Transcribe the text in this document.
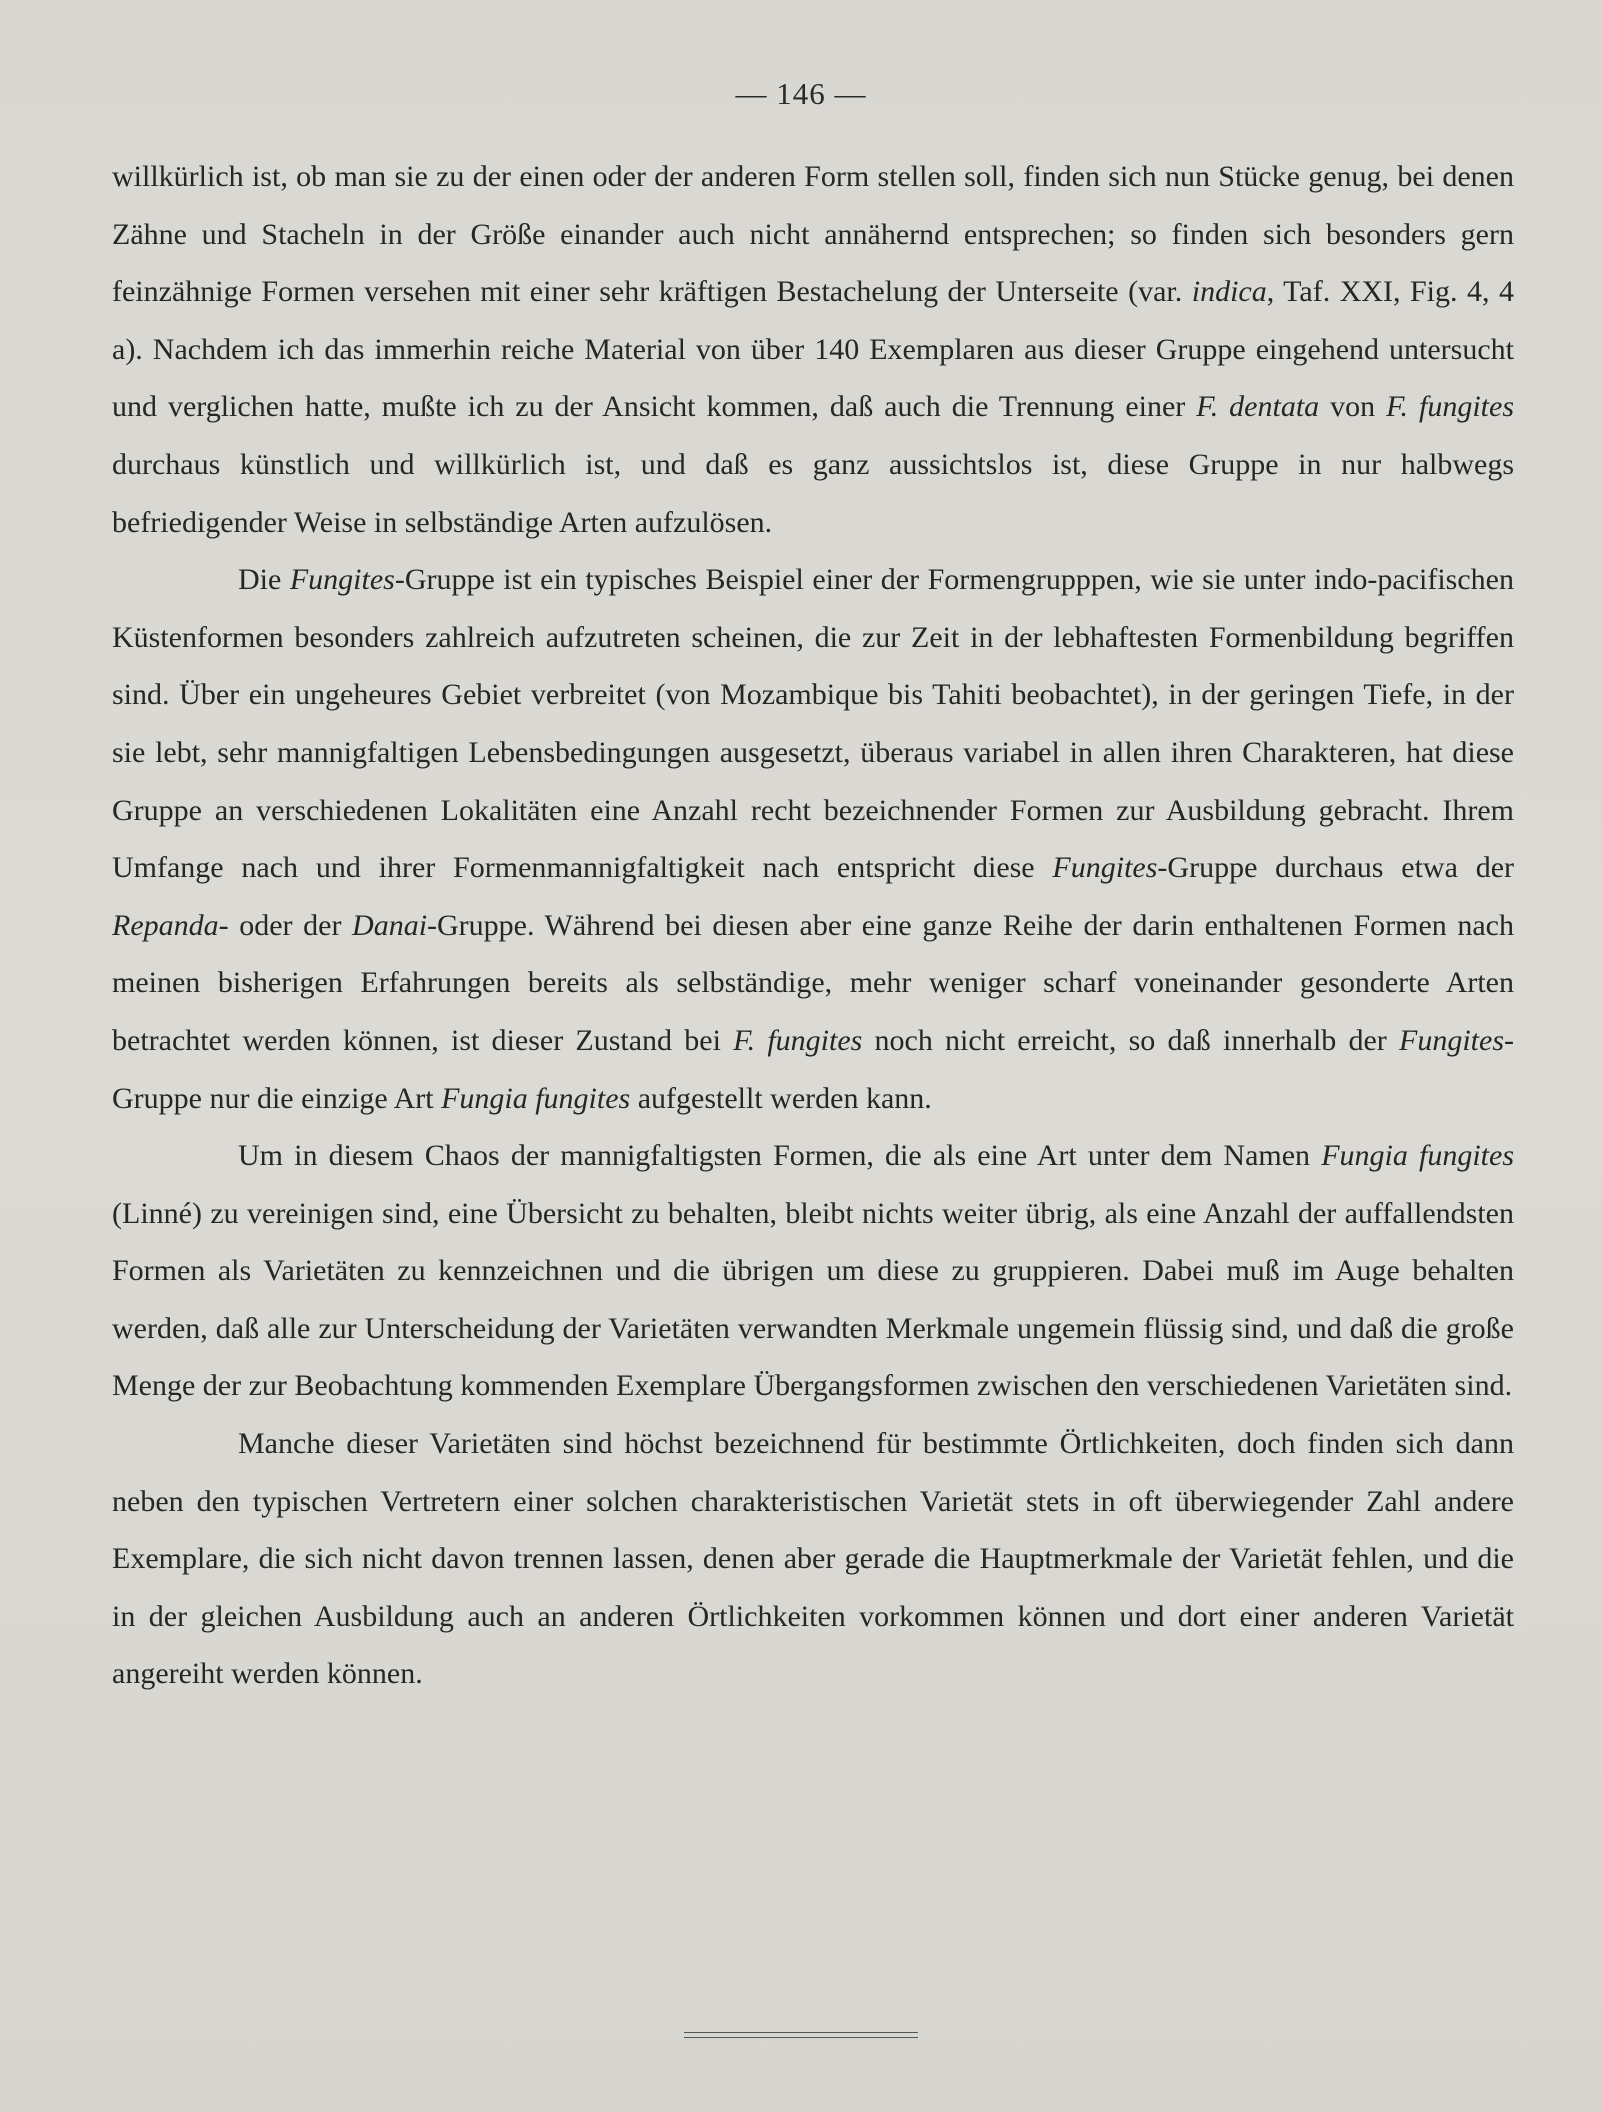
— 146 —

willkürlich ist, ob man sie zu der einen oder der anderen Form stellen soll, finden sich nun Stücke genug, bei denen Zähne und Stacheln in der Größe einander auch nicht annähernd entsprechen; so finden sich besonders gern feinzähnige Formen versehen mit einer sehr kräftigen Bestachelung der Unterseite (var. indica, Taf. XXI, Fig. 4, 4 a). Nachdem ich das immerhin reiche Material von über 140 Exemplaren aus dieser Gruppe eingehend untersucht und verglichen hatte, mußte ich zu der Ansicht kommen, daß auch die Trennung einer F. dentata von F. fungites durchaus künstlich und willkürlich ist, und daß es ganz aussichtslos ist, diese Gruppe in nur halbwegs befriedigender Weise in selbständige Arten aufzulösen.

Die Fungites-Gruppe ist ein typisches Beispiel einer der Formengrupppen, wie sie unter indo-pacifischen Küstenformen besonders zahlreich aufzutreten scheinen, die zur Zeit in der lebhaftesten Formenbildung begriffen sind. Über ein ungeheures Gebiet verbreitet (von Mozambique bis Tahiti beobachtet), in der geringen Tiefe, in der sie lebt, sehr mannigfaltigen Lebensbedingungen ausgesetzt, überaus variabel in allen ihren Charakteren, hat diese Gruppe an verschiedenen Lokalitäten eine Anzahl recht bezeichnender Formen zur Ausbildung gebracht. Ihrem Umfange nach und ihrer Formenmannigfaltigkeit nach entspricht diese Fungites-Gruppe durchaus etwa der Repanda- oder der Danai-Gruppe. Während bei diesen aber eine ganze Reihe der darin enthaltenen Formen nach meinen bisherigen Erfahrungen bereits als selbständige, mehr weniger scharf voneinander gesonderte Arten betrachtet werden können, ist dieser Zustand bei F. fungites noch nicht erreicht, so daß innerhalb der Fungites-Gruppe nur die einzige Art Fungia fungites aufgestellt werden kann.

Um in diesem Chaos der mannigfaltigsten Formen, die als eine Art unter dem Namen Fungia fungites (Linné) zu vereinigen sind, eine Übersicht zu behalten, bleibt nichts weiter übrig, als eine Anzahl der auffallendsten Formen als Varietäten zu kennzeichnen und die übrigen um diese zu gruppieren. Dabei muß im Auge behalten werden, daß alle zur Unterscheidung der Varietäten verwandten Merkmale ungemein flüssig sind, und daß die große Menge der zur Beobachtung kommenden Exemplare Übergangsformen zwischen den verschiedenen Varietäten sind.

Manche dieser Varietäten sind höchst bezeichnend für bestimmte Örtlichkeiten, doch finden sich dann neben den typischen Vertretern einer solchen charakteristischen Varietät stets in oft überwiegender Zahl andere Exemplare, die sich nicht davon trennen lassen, denen aber gerade die Hauptmerkmale der Varietät fehlen, und die in der gleichen Ausbildung auch an anderen Örtlichkeiten vorkommen können und dort einer anderen Varietät angereiht werden können.
